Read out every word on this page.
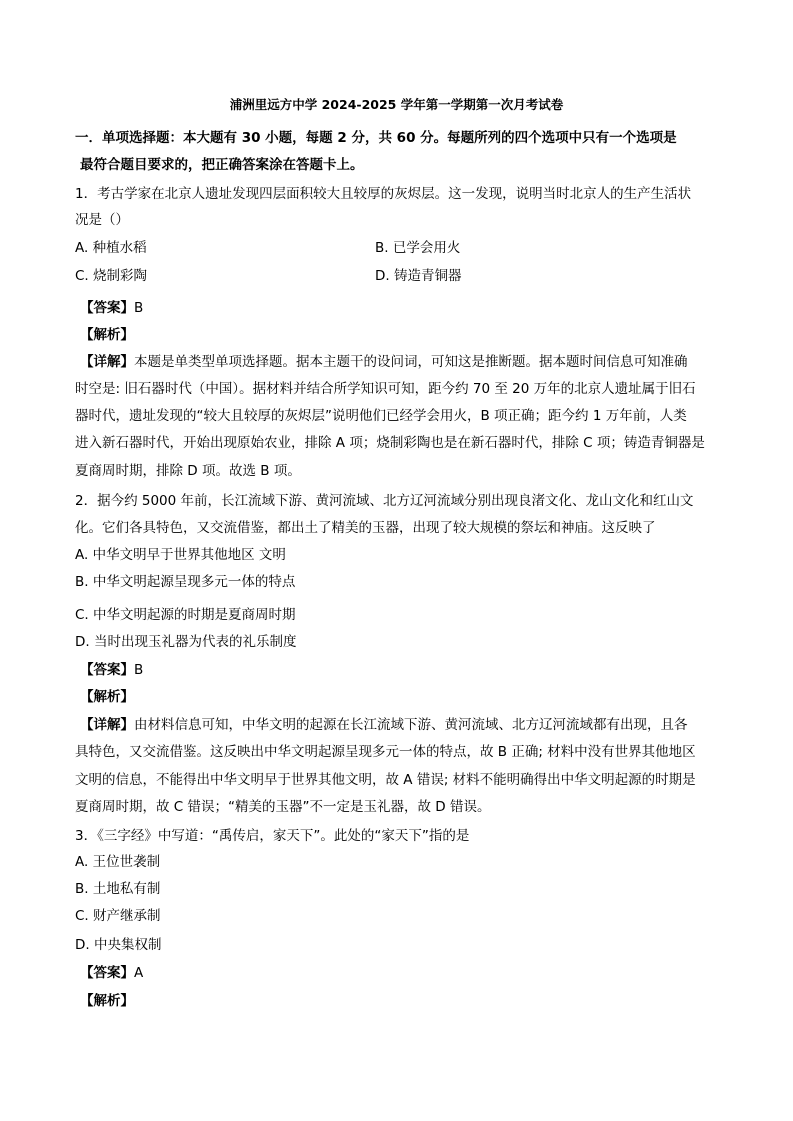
浦洲里远方中学 2024-2025 学年第一学期第一次月考试卷
一．单项选择题：本大题有 30 小题，每题 2 分，共 60 分。每题所列的四个选项中只有一个选项是
最符合题目要求的，把正确答案涂在答题卡上。
1．考古学家在北京人遗址发现四层面积较大且较厚的灰烬层。这一发现，说明当时北京人的生产生活状
况是（）
A. 种植水稻	B. 已学会用火
C. 烧制彩陶	D. 铸造青铜器
【答案】B
【解析】
【详解】本题是单类型单项选择题。据本主题干的设问词，可知这是推断题。据本题时间信息可知准确
时空是: 旧石器时代（中国）。据材料并结合所学知识可知，距今约 70 至 20 万年的北京人遗址属于旧石
器时代，遗址发现的“较大且较厚的灰烬层”说明他们已经学会用火，B 项正确；距今约 1 万年前，人类
进入新石器时代，开始出现原始农业，排除 A 项；烧制彩陶也是在新石器时代，排除 C 项；铸造青铜器是
夏商周时期，排除 D 项。故选 B 项。
2．据今约 5000 年前，长江流域下游、黄河流域、北方辽河流域分别出现良渚文化、龙山文化和红山文
化。它们各具特色，又交流借鉴，都出土了精美的玉器，出现了较大规模的祭坛和神庙。这反映了
A. 中华文明早于世界其他地区 文明
B. 中华文明起源呈现多元一体的特点
C. 中华文明起源的时期是夏商周时期
D. 当时出现玉礼器为代表的礼乐制度
【答案】B
【解析】
【详解】由材料信息可知，中华文明的起源在长江流域下游、黄河流域、北方辽河流域都有出现，且各
具特色，又交流借鉴。这反映出中华文明起源呈现多元一体的特点，故 B 正确; 材料中没有世界其他地区
文明的信息，不能得出中华文明早于世界其他文明，故 A 错误; 材料不能明确得出中华文明起源的时期是
夏商周时期，故 C 错误；“精美的玉器”不一定是玉礼器，故 D 错误。
3．《三字经》中写道：“禹传启，家天下”。此处的“家天下”指的是
A. 王位世袭制
B. 土地私有制
C. 财产继承制
D. 中央集权制
【答案】A
【解析】
